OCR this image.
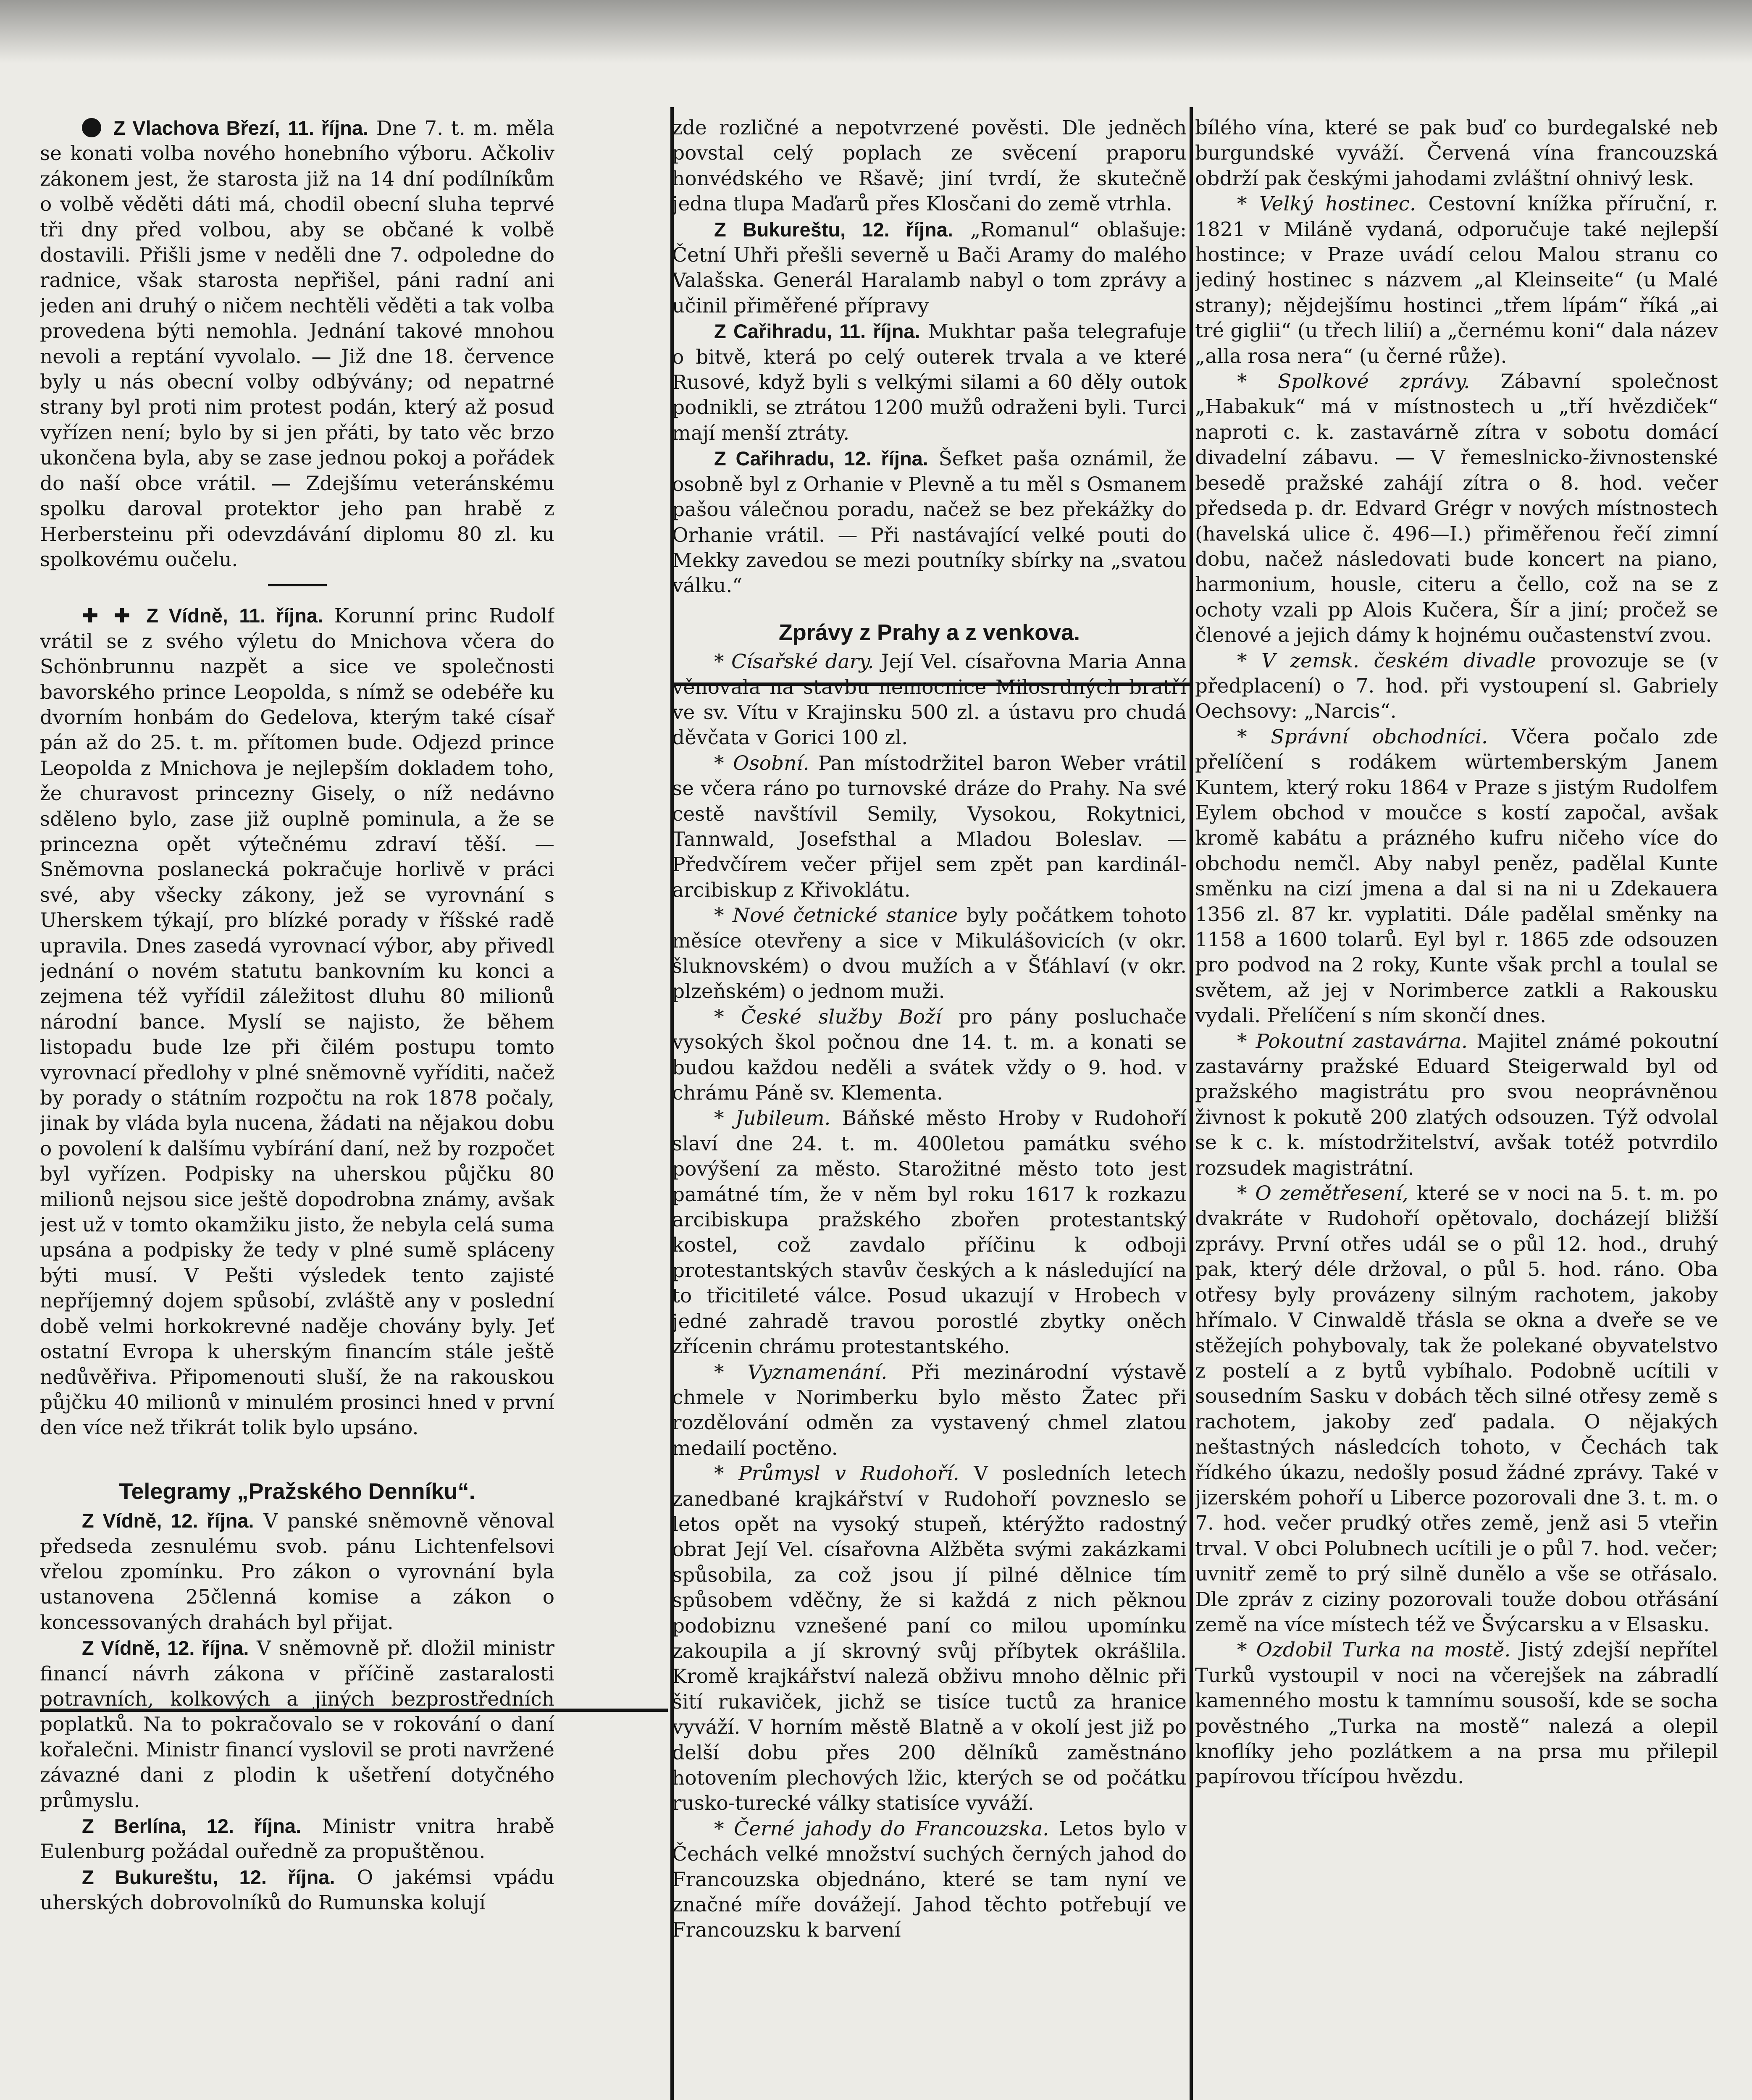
Z Vlachova Březí, 11. října. Dne 7. t. m. měla se konati volba nového honebního výboru. Ačkoliv zákonem jest, že starosta již na 14 dní podílníkům o volbě věděti dáti má, chodil obecní sluha teprvé tři dny před volbou, aby se občané k volbě dostavili. Přišli jsme v neděli dne 7. odpoledne do radnice, však starosta nepřišel, páni radní ani jeden ani druhý o ničem nechtěli věděti a tak volba provedena býti nemohla. Jednání takové mnohou nevoli a reptání vyvolalo. — Již dne 18. července byly u nás obecní volby odbývány; od nepatrné strany byl proti nim protest podán, který až posud vyřízen není; bylo by si jen přáti, by tato věc brzo ukončena byla, aby se zase jednou pokoj a pořádek do naší obce vrátil. — Zdejšímu veteránskému spolku daroval protektor jeho pan hrabě z Herbersteinu při odevzdávání diplomu 80 zl. ku spolkovému oučelu.

✚ ✚ Z Vídně, 11. října. Korunní princ Rudolf vrátil se z svého výletu do Mnichova včera do Schönbrunnu nazpět a sice ve společnosti bavorského prince Leopolda, s nímž se odebéře ku dvorním honbám do Gedelova, kterým také císař pán až do 25. t. m. přítomen bude. Odjezd prince Leopolda z Mnichova je nejlepším dokladem toho, že churavost princezny Gisely, o níž nedávno sděleno bylo, zase již ouplně pominula, a že se princezna opět výtečnému zdraví těší. — Sněmovna poslanecká pokračuje horlivě v práci své, aby všecky zákony, jež se vyrovnání s Uherskem týkají, pro blízké porady v říšské radě upravila. Dnes zasedá vyrovnací výbor, aby přivedl jednání o novém statutu bankovním ku konci a zejmena též vyřídil záležitost dluhu 80 milionů národní bance. Myslí se najisto, že během listopadu bude lze při čilém postupu tomto vyrovnací předlohy v plné sněmovně vyříditi, načež by porady o státním rozpočtu na rok 1878 počaly, jinak by vláda byla nucena, žádati na nějakou dobu o povolení k dalšímu vybírání daní, než by rozpočet byl vyřízen. Podpisky na uherskou půjčku 80 milionů nejsou sice ještě dopodrobna známy, avšak jest už v tomto okamžiku jisto, že nebyla celá suma upsána a podpisky že tedy v plné sumě spláceny býti musí. V Pešti výsledek tento zajisté nepříjemný dojem spůsobí, zvláště any v poslední době velmi horkokrevné naděje chovány byly. Jeť ostatní Evropa k uherským financím stále ještě nedůvěřiva. Připomenouti sluší, že na rakouskou půjčku 40 milionů v minulém prosinci hned v první den více než třikrát tolik bylo upsáno.

Telegramy „Pražského Denníku“.

Z Vídně, 12. října. V panské sněmovně věnoval předseda zesnulému svob. pánu Lichtenfelsovi vřelou zpomínku. Pro zákon o vyrovnání byla ustanovena 25členná komise a zákon o koncessovaných drahách byl přijat.

Z Vídně, 12. října. V sněmovně př. dložil ministr financí návrh zákona v příčině zastaralosti potravních, kolkových a jiných bezprostředních poplatků. Na to pokračovalo se v rokování o daní kořalečni. Ministr financí vyslovil se proti navržené závazné dani z plodin k ušetření dotyčného průmyslu.

Z Berlína, 12. října. Ministr vnitra hrabě Eulenburg požádal ouředně za propuštěnou.

Z Bukureštu, 12. října. O jakémsi vpádu uherských dobrovolníků do Rumunska kolují

zde rozličné a nepotvrzené pověsti. Dle jedněch povstal celý poplach ze svěcení praporu honvédského ve Ršavě; jiní tvrdí, že skutečně jedna tlupa Maďarů přes Klosčani do země vtrhla.

Z Bukureštu, 12. října. „Romanul“ oblašuje: Četní Uhři přešli severně u Bači Aramy do malého Valašska. Generál Haralamb nabyl o tom zprávy a učinil přiměřené přípravy

Z Cařihradu, 11. října. Mukhtar paša telegrafuje o bitvě, která po celý outerek trvala a ve které Rusové, když byli s velkými silami a 60 děly outok podnikli, se ztrátou 1200 mužů odraženi byli. Turci mají menší ztráty.

Z Cařihradu, 12. října. Šefket paša oznámil, že osobně byl z Orhanie v Plevně a tu měl s Osmanem pašou válečnou poradu, načež se bez překážky do Orhanie vrátil. — Při nastávající velké pouti do Mekky zavedou se mezi poutníky sbírky na „svatou válku.“

Zprávy z Prahy a z venkova.

* Císařské dary. Její Vel. císařovna Maria Anna věnovala na stavbu nemocnice Milosrdných bratří ve sv. Vítu v Krajinsku 500 zl. a ústavu pro chudá děvčata v Gorici 100 zl.

* Osobní. Pan místodržitel baron Weber vrátil se včera ráno po turnovské dráze do Prahy. Na své cestě navštívil Semily, Vysokou, Rokytnici, Tannwald, Josefsthal a Mladou Boleslav. — Předvčírem večer přijel sem zpět pan kardinál-arcibiskup z Křivoklátu.

* Nové četnické stanice byly počátkem tohoto měsíce otevřeny a sice v Mikulášovicích (v okr. šluknovském) o dvou mužích a v Šťáhlaví (v okr. plzeňském) o jednom muži.

* České služby Boží pro pány posluchače vysokých škol počnou dne 14. t. m. a konati se budou každou neděli a svátek vždy o 9. hod. v chrámu Páně sv. Klementa.

* Jubileum. Báňské město Hroby v Rudohoří slaví dne 24. t. m. 400letou památku svého povýšení za město. Starožitné město toto jest památné tím, že v něm byl roku 1617 k rozkazu arcibiskupa pražského zbořen protestantský kostel, což zavdalo příčinu k odboji protestantských stavův českých a k následující na to třicitileté válce. Posud ukazují v Hrobech v jedné zahradě travou porostlé zbytky oněch zřícenin chrámu protestantského.

* Vyznamenání. Při mezinárodní výstavě chmele v Norimberku bylo město Žatec při rozdělování odměn za vystavený chmel zlatou medailí poctěno.

* Průmysl v Rudohoří. V posledních letech zanedbané krajkářství v Rudohoří povzneslo se letos opět na vysoký stupeň, ktérýžto radostný obrat Její Vel. císařovna Alžběta svými zakázkami spůsobila, za což jsou jí pilné dělnice tím spůsobem vděčny, že si každá z nich pěknou podobiznu vznešené paní co milou upomínku zakoupila a jí skrovný svůj příbytek okrášlila. Kromě krajkářství naleză obživu mnoho dělnic při šití rukaviček, jichž se tisíce tuctů za hranice vyváží. V horním městě Blatně a v okolí jest již po delší dobu přes 200 dělníků zaměstnáno hotovením plechových lžic, kterých se od počátku rusko-turecké války statisíce vyváží.

* Černé jahody do Francouzska. Letos bylo v Čechách velké množství suchých černých jahod do Francouzska objednáno, které se tam nyní ve značné míře dovážejí. Jahod těchto potřebují ve Francouzsku k barvení

bílého vína, které se pak buď co burdegalské neb burgundské vyváží. Červená vína francouzská obdrží pak českými jahodami zvláštní ohnivý lesk.

* Velký hostinec. Cestovní knížka příruční, r. 1821 v Miláně vydaná, odporučuje také nejlepší hostince; v Praze uvádí celou Malou stranu co jediný hostinec s názvem „al Kleinseite“ (u Malé strany); nějdejšímu hostinci „třem lípám“ říká „ai tré giglii“ (u třech lilií) a „černému koni“ dala název „alla rosa nera“ (u černé růže).

* Spolkové zprávy. Zábavní společnost „Habakuk“ má v místnostech u „tří hvězdiček“ naproti c. k. zastavárně zítra v sobotu domácí divadelní zábavu. — V řemeslnicko-živnostenské besedě pražské zahájí zítra o 8. hod. večer předseda p. dr. Edvard Grégr v nových místnostech (havelská ulice č. 496—I.) přiměřenou řečí zimní dobu, načež následovati bude koncert na piano, harmonium, housle, citeru a čello, což na se z ochoty vzali pp Alois Kučera, Šír a jiní; pročež se členové a jejich dámy k hojnému oučastenství zvou.

* V zemsk. českém divadle provozuje se (v předplacení) o 7. hod. při vystoupení sl. Gabriely Oechsovy: „Narcis“.

* Správní obchodníci. Včera počalo zde přelíčení s rodákem würtemberským Janem Kuntem, který roku 1864 v Praze s jistým Rudolfem Eylem obchod v moučce s kostí započal, avšak kromě kabátu a prázného kufru ničeho více do obchodu nemčl. Aby nabyl peněz, padělal Kunte směnku na cizí jmena a dal si na ni u Zdekauera 1356 zl. 87 kr. vyplatiti. Dále padělal směnky na 1158 a 1600 tolarů. Eyl byl r. 1865 zde odsouzen pro podvod na 2 roky, Kunte však prchl a toulal se světem, až jej v Norimberce zatkli a Rakousku vydali. Přelíčení s ním skončí dnes.

* Pokoutní zastavárna. Majitel známé pokoutní zastavárny pražské Eduard Steigerwald byl od pražského magistrátu pro svou neoprávněnou živnost k pokutě 200 zlatých odsouzen. Týž odvolal se k c. k. místodržitelství, avšak totéž potvrdilo rozsudek magistrátní.

* O zemětřesení, které se v noci na 5. t. m. po dvakráte v Rudohoří opětovalo, docházejí bližší zprávy. První otřes udál se o půl 12. hod., druhý pak, který déle držoval, o půl 5. hod. ráno. Oba otřesy byly provázeny silným rachotem, jakoby hřímalo. V Cinwaldě třásla se okna a dveře se ve stěžejích pohybovaly, tak že polekané obyvatelstvo z postelí a z bytů vybíhalo. Podobně ucítili v sousedním Sasku v dobách těch silné otřesy země s rachotem, jakoby zeď padala. O nějakých neštastných následcích tohoto, v Čechách tak řídkého úkazu, nedošly posud žádné zprávy. Také v jizerském pohoří u Liberce pozorovali dne 3. t. m. o 7. hod. večer prudký otřes země, jenž asi 5 vteřin trval. V obci Polubnech ucítili je o půl 7. hod. večer; uvnitř země to prý silně dunělo a vše se otřásalo. Dle zpráv z ciziny pozorovali touže dobou otřásání země na více místech též ve Švýcarsku a v Elsasku.

* Ozdobil Turka na mostě. Jistý zdejší nepřítel Turků vystoupil v noci na včerejšek na zábradlí kamenného mostu k tamnímu sousoší, kde se socha pověstného „Turka na mostě“ nalezá a olepil knoflíky jeho pozlátkem a na prsa mu přilepil papírovou třícípou hvězdu.
